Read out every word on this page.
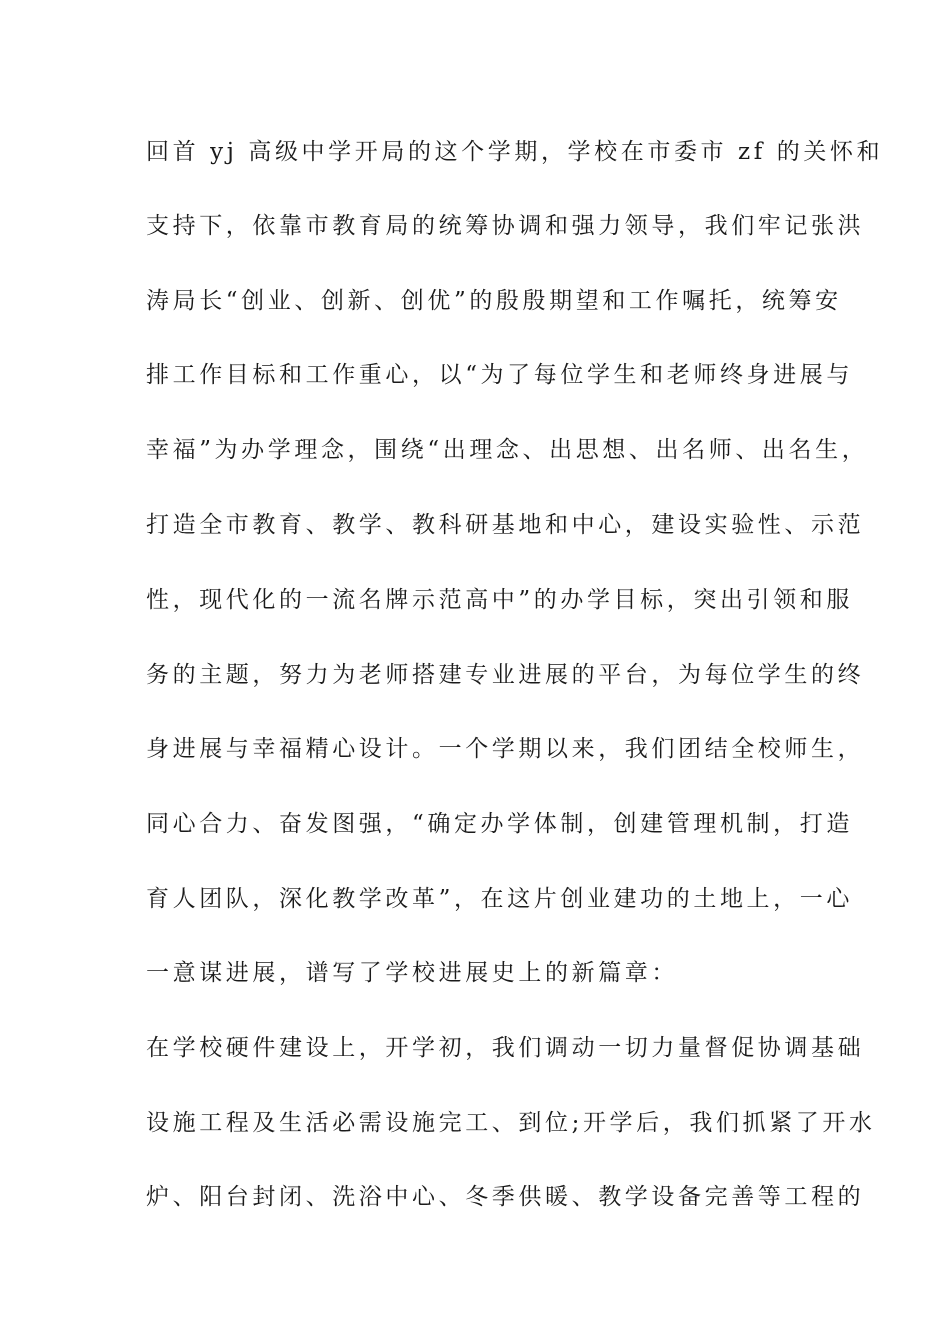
回首 yj 高级中学开局的这个学期，学校在市委市 zf 的关怀和
支持下，依靠市教育局的统筹协调和强力领导，我们牢记张洪
涛局长“创业、创新、创优”的殷殷期望和工作嘱托，统筹安
排工作目标和工作重心，以“为了每位学生和老师终身进展与
幸福”为办学理念，围绕“出理念、出思想、出名师、出名生，
打造全市教育、教学、教科研基地和中心，建设实验性、示范
性，现代化的一流名牌示范高中”的办学目标，突出引领和服
务的主题，努力为老师搭建专业进展的平台，为每位学生的终
身进展与幸福精心设计。一个学期以来，我们团结全校师生，
同心合力、奋发图强，“确定办学体制，创建管理机制，打造
育人团队，深化教学改革”，在这片创业建功的土地上，一心
一意谋进展，谱写了学校进展史上的新篇章：
在学校硬件建设上，开学初，我们调动一切力量督促协调基础
设施工程及生活必需设施完工、到位;开学后，我们抓紧了开水
炉、阳台封闭、洗浴中心、冬季供暖、教学设备完善等工程的
